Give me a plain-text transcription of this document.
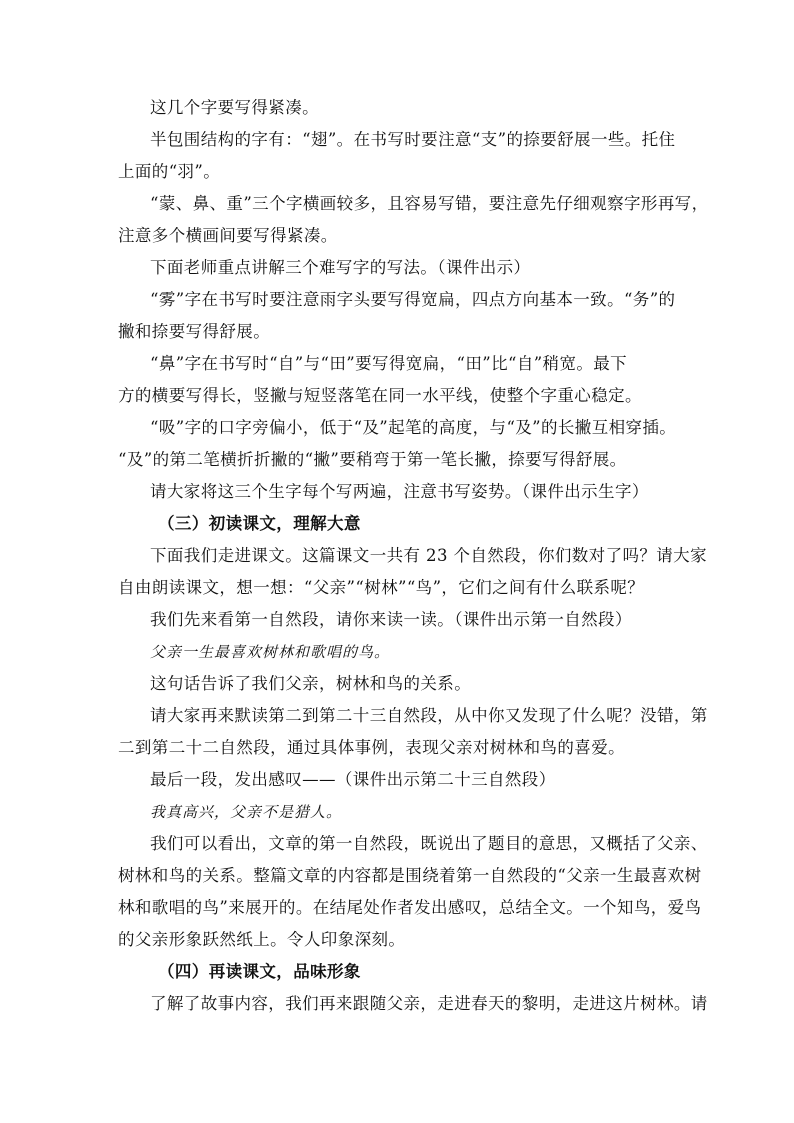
这几个字要写得紧凑。
半包围结构的字有：“翅”。在书写时要注意“支”的捺要舒展一些。托住
上面的“羽”。
“蒙、鼻、重”三个字横画较多，且容易写错，要注意先仔细观察字形再写，
注意多个横画间要写得紧凑。
下面老师重点讲解三个难写字的写法。（课件出示）
“雾”字在书写时要注意雨字头要写得宽扁，四点方向基本一致。“务”的
撇和捺要写得舒展。
“鼻”字在书写时“自”与“田”要写得宽扁，“田”比“自”稍宽。最下
方的横要写得长，竖撇与短竖落笔在同一水平线，使整个字重心稳定。
“吸”字的口字旁偏小，低于“及”起笔的高度，与“及”的长撇互相穿插。
“及”的第二笔横折折撇的“撇”要稍弯于第一笔长撇，捺要写得舒展。
请大家将这三个生字每个写两遍，注意书写姿势。（课件出示生字）
（三）初读课文，理解大意
下面我们走进课文。这篇课文一共有 23 个自然段，你们数对了吗？请大家
自由朗读课文，想一想：“父亲”“树林”“鸟”，它们之间有什么联系呢？
我们先来看第一自然段，请你来读一读。（课件出示第一自然段）
父亲一生最喜欢树林和歌唱的鸟。
这句话告诉了我们父亲，树林和鸟的关系。
请大家再来默读第二到第二十三自然段，从中你又发现了什么呢？没错，第
二到第二十二自然段，通过具体事例，表现父亲对树林和鸟的喜爱。
最后一段，发出感叹——（课件出示第二十三自然段）
我真高兴，父亲不是猎人。
我们可以看出，文章的第一自然段，既说出了题目的意思，又概括了父亲、
树林和鸟的关系。整篇文章的内容都是围绕着第一自然段的“父亲一生最喜欢树
林和歌唱的鸟”来展开的。在结尾处作者发出感叹，总结全文。一个知鸟，爱鸟
的父亲形象跃然纸上。令人印象深刻。
（四）再读课文，品味形象
了解了故事内容，我们再来跟随父亲，走进春天的黎明，走进这片树林。请
